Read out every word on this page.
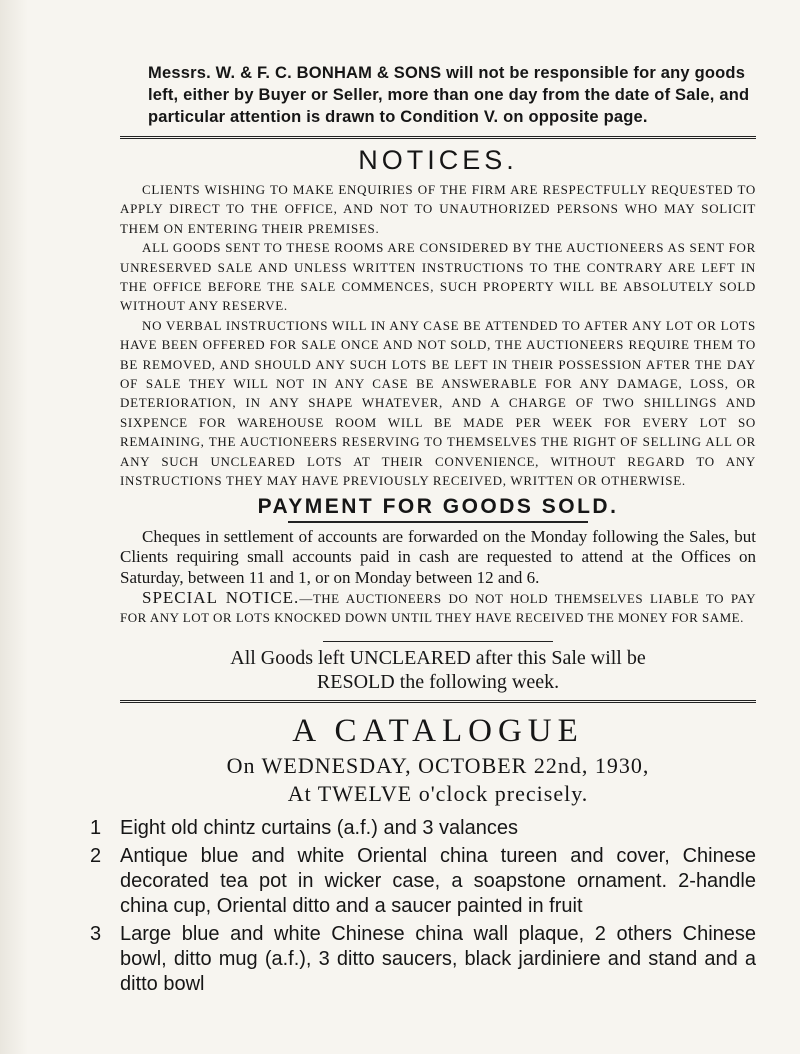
Messrs. W. & F. C. BONHAM & SONS will not be responsible for any goods
left, either by Buyer or Seller, more than one day from the date of Sale, and
particular attention is drawn to Condition V. on opposite page.

NOTICES.

CLIENTS WISHING TO MAKE ENQUIRIES OF THE FIRM ARE RESPECTFULLY REQUESTED TO APPLY DIRECT TO THE OFFICE, AND NOT TO UNAUTHORIZED PERSONS WHO MAY SOLICIT THEM ON ENTERING THEIR PREMISES.

ALL GOODS SENT TO THESE ROOMS ARE CONSIDERED BY THE AUCTIONEERS AS SENT FOR UNRESERVED SALE AND UNLESS WRITTEN INSTRUCTIONS TO THE CONTRARY ARE LEFT IN THE OFFICE BEFORE THE SALE COMMENCES, SUCH PROPERTY WILL BE ABSOLUTELY SOLD WITHOUT ANY RESERVE.

NO VERBAL INSTRUCTIONS WILL IN ANY CASE BE ATTENDED TO AFTER ANY LOT OR LOTS HAVE BEEN OFFERED FOR SALE ONCE AND NOT SOLD, THE AUCTIONEERS REQUIRE THEM TO BE REMOVED, AND SHOULD ANY SUCH LOTS BE LEFT IN THEIR POSSESSION AFTER THE DAY OF SALE THEY WILL NOT IN ANY CASE BE ANSWERABLE FOR ANY DAMAGE, LOSS, OR DETERIORATION, IN ANY SHAPE WHATEVER, AND A CHARGE OF TWO SHILLINGS AND SIXPENCE FOR WAREHOUSE ROOM WILL BE MADE PER WEEK FOR EVERY LOT SO REMAINING, THE AUCTIONEERS RESERVING TO THEMSELVES THE RIGHT OF SELLING ALL OR ANY SUCH UNCLEARED LOTS AT THEIR CONVENIENCE, WITHOUT REGARD TO ANY INSTRUCTIONS THEY MAY HAVE PREVIOUSLY RECEIVED, WRITTEN OR OTHERWISE.

PAYMENT FOR GOODS SOLD.

Cheques in settlement of accounts are forwarded on the Monday following the Sales, but Clients requiring small accounts paid in cash are requested to attend at the Offices on Saturday, between 11 and 1, or on Monday between 12 and 6.

SPECIAL NOTICE.—THE AUCTIONEERS DO NOT HOLD THEMSELVES LIABLE TO PAY FOR ANY LOT OR LOTS KNOCKED DOWN UNTIL THEY HAVE RECEIVED THE MONEY FOR SAME.

All Goods left UNCLEARED after this Sale will be
RESOLD the following week.

A CATALOGUE

On WEDNESDAY, OCTOBER 22nd, 1930,

At TWELVE o'clock precisely.

1 Eight old chintz curtains (a.f.) and 3 valances
2 Antique blue and white Oriental china tureen and cover, Chinese decorated tea pot in wicker case, a soapstone ornament. 2-handle china cup, Oriental ditto and a saucer painted in fruit
3 Large blue and white Chinese china wall plaque, 2 others Chinese bowl, ditto mug (a.f.), 3 ditto saucers, black jardiniere and stand and a ditto bowl
